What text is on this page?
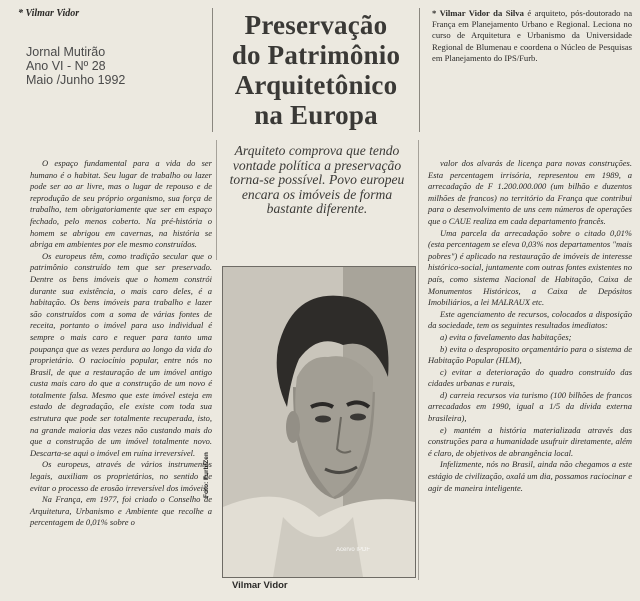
* Vilmar Vidor
Jornal Mutirão
Ano VI - Nº 28
Maio /Junho 1992
Preservação
do Patrimônio
Arquitetônico
na Europa
* Vilmar Vidor da Silva é arquiteto, pós-doutorado na França em Planejamento Urbano e Regional. Leciona no curso de Arquitetura e Urbanismo da Universidade Regional de Blumenau e coordena o Núcleo de Pesquisas em Planejamento do IPS/Furb.
Arquiteto comprova que tendo vontade política a preservação torna-se possível. Povo europeu encara os imóveis de forma bastante diferente.

O espaço fundamental para a vida do ser humano é o habitat. Seu lugar de trabalho ou lazer pode ser ao ar livre, mas o lugar de repouso e de reprodução de seu próprio organismo, sua força de trabalho, tem obrigatoriamente que ser em espaço fechado, pelo menos coberto. Na pré-história o homem se abrigou em cavernas, na história se abriga em ambientes por ele mesmo construídos.

Os europeus têm, como tradição secular que o patrimônio construído tem que ser preservado. Dentre os bens imóveis que o homem constrói durante sua existência, o mais caro deles, é a habitação. Os bens imóveis para trabalho e lazer são construídos com a soma de várias fontes de receita, portanto o imóvel para uso individual é sempre o mais caro e requer para tanto uma poupança que as vezes perdura ao longo da vida do proprietário. O raciocínio popular, entre nós no Brasil, de que a restauração de um imóvel antigo custa mais caro do que a construção de um novo é totalmente falsa. Mesmo que este imóvel esteja em estado de degradação, ele existe com toda sua estrutura que pode ser totalmente recuperada, isto, na grande maioria das vezes não custando mais do que a construção de um imóvel totalmente novo. Descarta-se aqui o imóvel em ruína irreversível.

Os europeus, através de vários instrumentos legais, auxiliam os proprietários, no sentido de evitar o processo de erosão irreversível dos imóveis.

Na França, em 1977, foi criado o Conselho de Arquitetura, Urbanismo e Ambiente que recolhe a percentagem de 0,01% sobre o

Foto: Furb/Zen
Acervo IPDF
Vilmar Vidor

valor dos alvarás de licença para novas construções. Esta percentagem irrisória, representou em 1989, a arrecadação de F 1.200.000.000 (um bilhão e duzentos milhões de francos) no território da França que contribui para o desenvolvimento de uns cem números de operações que o CAUE realiza em cada departamento francês.

Uma parcela da arrecadação sobre o citado 0,01% (esta percentagem se eleva 0,03% nos departamentos "mais pobres") é aplicado na restauração de imóveis de interesse histórico-social, juntamente com outras fontes existentes no país, como sistema Nacional de Habitação, Caixa de Monumentos Históricos, a Caixa de Depósitos Imobiliários, a lei MALRAUX etc.

Este agenciamento de recursos, colocados a disposição da sociedade, tem os seguintes resultados imediatos:

a) evita o favelamento das habitações;

b) evita o desproposito orçamentário para o sistema de Habitação Popular (HLM),

c) evitar a deterioração do quadro construído das cidades urbanas e rurais,

d) carreia recursos via turismo (100 bilhões de francos arrecadados em 1990, igual a 1/5 da dívida externa brasileira),

e) mantém a história materializada através das construções para a humanidade usufruir diretamente, além é claro, de objetivos de abrangência local.

Infelizmente, nós no Brasil, ainda não chegamos a este estágio de civilização, oxalá um dia, possamos raciocinar e agir de maneira inteligente.
